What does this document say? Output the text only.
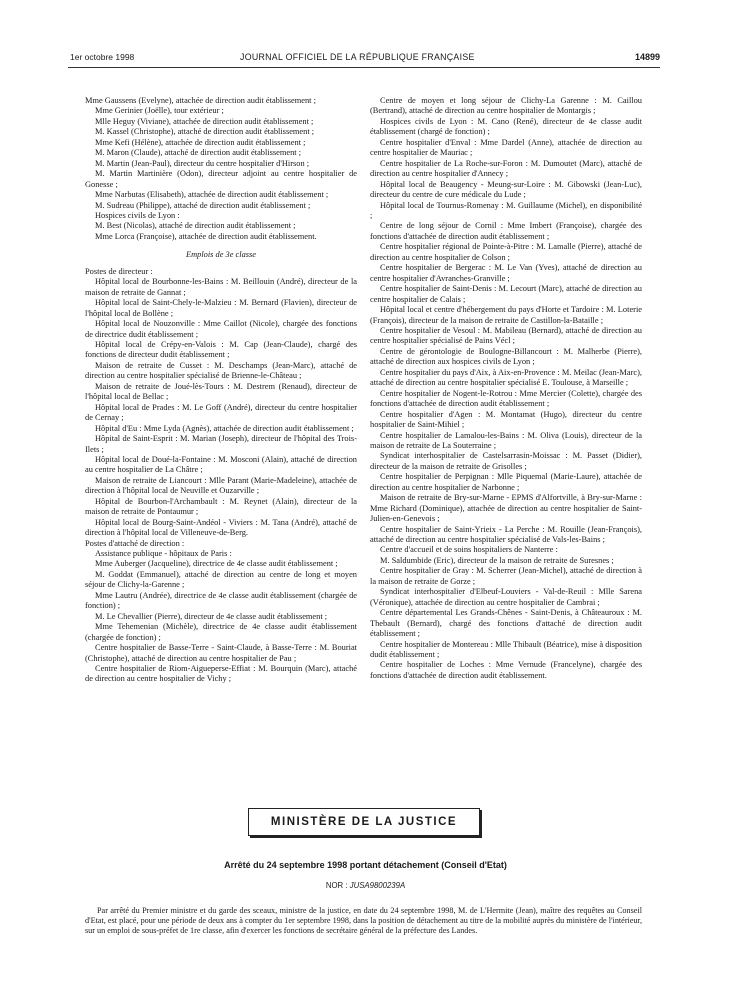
1er octobre 1998	JOURNAL OFFICIEL DE LA RÉPUBLIQUE FRANÇAISE	14899

Mme Gaussens (Evelyne), attachée de direction audit établissement ;

Mme Gerinier (Joëlle), tour extérieur ;

Mlle Heguy (Viviane), attachée de direction audit établissement ;

M. Kassel (Christophe), attaché de direction audit établissement ;

Mme Kefi (Hélène), attachée de direction audit établissement ;

M. Maron (Claude), attaché de direction audit établissement ;

M. Martin (Jean-Paul), directeur du centre hospitalier d'Hirson ;

M. Martin Martinière (Odon), directeur adjoint au centre hospitalier de Gonesse ;

Mme Narbutas (Elisabeth), attachée de direction audit établissement ;

M. Sudreau (Philippe), attaché de direction audit établissement ;

Hospices civils de Lyon :

M. Best (Nicolas), attaché de direction audit établissement ;

Mme Lorca (Françoise), attachée de direction audit établissement.

Emplois de 3e classe

Postes de directeur :

Hôpital local de Bourbonne-les-Bains : M. Beillouin (André), directeur de la maison de retraite de Gannat ;

Hôpital local de Saint-Chely-le-Malzieu : M. Bernard (Flavien), directeur de l'hôpital local de Bollène ;

Hôpital local de Nouzonville : Mme Caillot (Nicole), chargée des fonctions de directrice dudit établissement ;

Hôpital local de Crépy-en-Valois : M. Cap (Jean-Claude), chargé des fonctions de directeur dudit établissement ;

Maison de retraite de Cusset : M. Deschamps (Jean-Marc), attaché de direction au centre hospitalier spécialisé de Brienne-le-Château ;

Maison de retraite de Joué-lès-Tours : M. Destrem (Renaud), directeur de l'hôpital local de Bellac ;

Hôpital local de Prades : M. Le Goff (André), directeur du centre hospitalier de Cernay ;

Hôpital d'Eu : Mme Lyda (Agnès), attachée de direction audit établissement ;

Hôpital de Saint-Esprit : M. Marian (Joseph), directeur de l'hôpital des Trois-Ilets ;

Hôpital local de Doué-la-Fontaine : M. Mosconi (Alain), attaché de direction au centre hospitalier de La Châtre ;

Maison de retraite de Liancourt : Mlle Parant (Marie-Madeleine), attachée de direction à l'hôpital local de Neuville et Ouzarville ;

Hôpital de Bourbon-l'Archambault : M. Reynet (Alain), directeur de la maison de retraite de Pontaumur ;

Hôpital local de Bourg-Saint-Andéol - Viviers : M. Tana (André), attaché de direction à l'hôpital local de Villeneuve-de-Berg.

Postes d'attaché de direction :

Assistance publique - hôpitaux de Paris :

Mme Auberger (Jacqueline), directrice de 4e classe audit établissement ;

M. Goddat (Emmanuel), attaché de direction au centre de long et moyen séjour de Clichy-la-Garenne ;

Mme Lautru (Andrée), directrice de 4e classe audit établissement (chargée de fonction) ;

M. Le Chevallier (Pierre), directeur de 4e classe audit établissement ;

Mme Tehemenian (Michèle), directrice de 4e classe audit établissement (chargée de fonction) ;

Centre hospitalier de Basse-Terre - Saint-Claude, à Basse-Terre : M. Bouriat (Christophe), attaché de direction au centre hospitalier de Pau ;

Centre hospitalier de Riom-Aigueperse-Effiat : M. Bourquin (Marc), attaché de direction au centre hospitalier de Vichy ;

Centre de moyen et long séjour de Clichy-La Garenne : M. Caillou (Bertrand), attaché de direction au centre hospitalier de Montargis ;

Hospices civils de Lyon : M. Cano (René), directeur de 4e classe audit établissement (chargé de fonction) ;

Centre hospitalier d'Enval : Mme Dardel (Anne), attachée de direction au centre hospitalier de Mauriac ;

Centre hospitalier de La Roche-sur-Foron : M. Dumoutet (Marc), attaché de direction au centre hospitalier d'Annecy ;

Hôpital local de Beaugency - Meung-sur-Loire : M. Gibowski (Jean-Luc), directeur du centre de cure médicale du Lude ;

Hôpital local de Tournus-Romenay : M. Guillaume (Michel), en disponibilité ;

Centre de long séjour de Cornil : Mme Imbert (Françoise), chargée des fonctions d'attachée de direction audit établissement ;

Centre hospitalier régional de Pointe-à-Pitre : M. Lamalle (Pierre), attaché de direction au centre hospitalier de Colson ;

Centre hospitalier de Bergerac : M. Le Van (Yves), attaché de direction au centre hospitalier d'Avranches-Granville ;

Centre hospitalier de Saint-Denis : M. Lecourt (Marc), attaché de direction au centre hospitalier de Calais ;

Hôpital local et centre d'hébergement du pays d'Horte et Tardoire : M. Loterie (François), directeur de la maison de retraite de Castillon-la-Bataille ;

Centre hospitalier de Vesoul : M. Mabileau (Bernard), attaché de direction au centre hospitalier spécialisé de Pains Vécl ;

Centre de gérontologie de Boulogne-Billancourt : M. Malherbe (Pierre), attaché de direction aux hospices civils de Lyon ;

Centre hospitalier du pays d'Aix, à Aix-en-Provence : M. Meilac (Jean-Marc), attaché de direction au centre hospitalier spécialisé E. Toulouse, à Marseille ;

Centre hospitalier de Nogent-le-Rotrou : Mme Mercier (Colette), chargée des fonctions d'attachée de direction audit établissement ;

Centre hospitalier d'Agen : M. Montamat (Hugo), directeur du centre hospitalier de Saint-Mihiel ;

Centre hospitalier de Lamalou-les-Bains : M. Oliva (Louis), directeur de la maison de retraite de La Souterraine ;

Syndicat interhospitalier de Castelsarrasin-Moissac : M. Passet (Didier), directeur de la maison de retraite de Grisolles ;

Centre hospitalier de Perpignan : Mlle Piquemal (Marie-Laure), attachée de direction au centre hospitalier de Narbonne ;

Maison de retraite de Bry-sur-Marne - EPMS d'Alfortville, à Bry-sur-Marne : Mme Richard (Dominique), attachée de direction au centre hospitalier de Saint-Julien-en-Genevois ;

Centre hospitalier de Saint-Yrieix - La Perche : M. Rouille (Jean-François), attaché de direction au centre hospitalier spécialisé de Vals-les-Bains ;

Centre d'accueil et de soins hospitaliers de Nanterre :

M. Saldumbide (Eric), directeur de la maison de retraite de Suresnes ;

Centre hospitalier de Gray : M. Scherrer (Jean-Michel), attaché de direction à la maison de retraite de Gorze ;

Syndicat interhospitalier d'Elbeuf-Louviers - Val-de-Reuil : Mlle Sarena (Véronique), attachée de direction au centre hospitalier de Cambrai ;

Centre départemental Les Grands-Chênes - Saint-Denis, à Châteauroux : M. Thebault (Bernard), chargé des fonctions d'attaché de direction audit établissement ;

Centre hospitalier de Montereau : Mlle Thibault (Béatrice), mise à disposition dudit établissement ;

Centre hospitalier de Loches : Mme Vernude (Francelyne), chargée des fonctions d'attachée de direction audit établissement.

MINISTÈRE DE LA JUSTICE
Arrêté du 24 septembre 1998 portant détachement (Conseil d'Etat)
NOR : JUSA9800239A
Par arrêté du Premier ministre et du garde des sceaux, ministre de la justice, en date du 24 septembre 1998, M. de L'Hermite (Jean), maître des requêtes au Conseil d'Etat, est placé, pour une période de deux ans à compter du 1er septembre 1998, dans la position de détachement au titre de la mobilité auprès du ministère de l'intérieur, sur un emploi de sous-préfet de 1re classe, afin d'exercer les fonctions de secrétaire général de la préfecture des Landes.
